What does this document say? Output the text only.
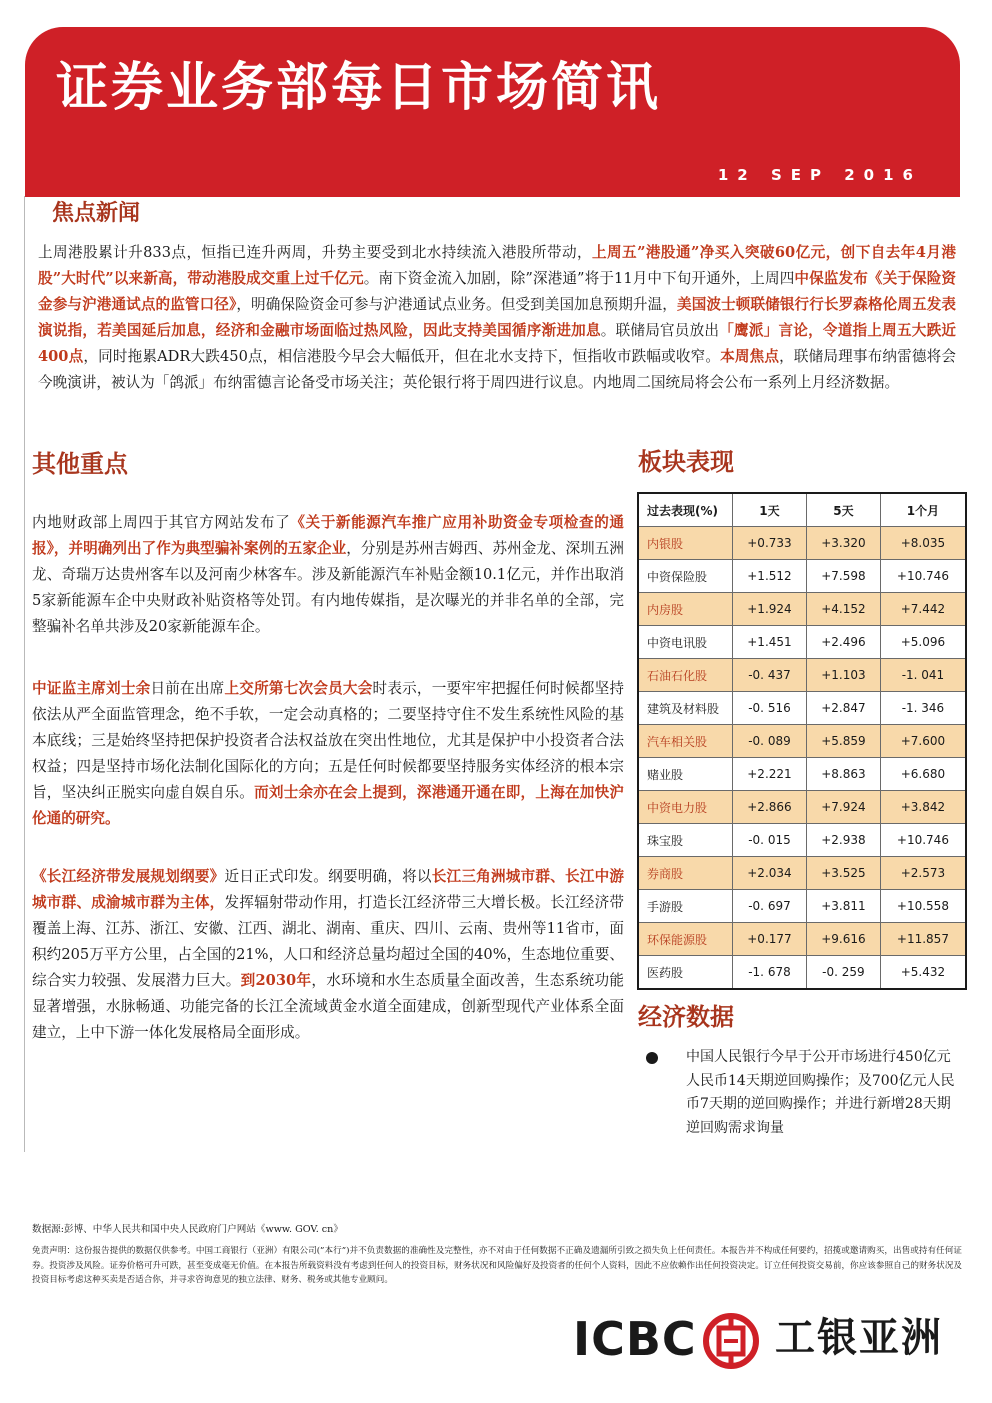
证券业务部每日市场简讯
12 SEP 2016
焦点新闻

上周港股累计升833点，恒指已连升两周，升势主要受到北水持续流入港股所带动，上周五”港股通”净买入突破60亿元，创下自去年4月港股”大时代”以来新高，带动港股成交重上过千亿元。南下资金流入加剧，除”深港通”将于11月中下旬开通外，上周四中保监发布《关于保险资金参与沪港通试点的监管口径》，明确保险资金可参与沪港通试点业务。但受到美国加息预期升温，美国波士顿联储银行行长罗森格伦周五发表演说指，若美国延后加息，经济和金融市场面临过热风险，因此支持美国循序渐进加息。联储局官员放出「鹰派」言论，令道指上周五大跌近400点，同时拖累ADR大跌450点，相信港股今早会大幅低开，但在北水支持下，恒指收市跌幅或收窄。本周焦点，联储局理事布纳雷德将会今晚演讲，被认为「鸽派」布纳雷德言论备受市场关注；英伦银行将于周四进行议息。内地周二国统局将会公布一系列上月经济数据。

其他重点

内地财政部上周四于其官方网站发布了《关于新能源汽车推广应用补助资金专项检查的通报》，并明确列出了作为典型骗补案例的五家企业，分别是苏州吉姆西、苏州金龙、深圳五洲龙、奇瑞万达贵州客车以及河南少林客车。涉及新能源汽车补贴金额10.1亿元，并作出取消5家新能源车企中央财政补贴资格等处罚。有内地传媒指，是次曝光的并非名单的全部，完整骗补名单共涉及20家新能源车企。

中证监主席刘士余日前在出席上交所第七次会员大会时表示，一要牢牢把握任何时候都坚持依法从严全面监管理念，绝不手软，一定会动真格的；二要坚持守住不发生系统性风险的基本底线；三是始终坚持把保护投资者合法权益放在突出性地位，尤其是保护中小投资者合法权益；四是坚持市场化法制化国际化的方向；五是任何时候都要坚持服务实体经济的根本宗旨，坚决纠正脱实向虚自娱自乐。而刘士余亦在会上提到，深港通开通在即，上海在加快沪伦通的研究。

《长江经济带发展规划纲要》近日正式印发。纲要明确，将以长江三角洲城市群、长江中游城市群、成渝城市群为主体，发挥辐射带动作用，打造长江经济带三大增长极。长江经济带覆盖上海、江苏、浙江、安徽、江西、湖北、湖南、重庆、四川、云南、贵州等11省市，面积约205万平方公里，占全国的21%，人口和经济总量均超过全国的40%，生态地位重要、综合实力较强、发展潜力巨大。到2030年，水环境和水生态质量全面改善，生态系统功能显著增强，水脉畅通、功能完备的长江全流域黄金水道全面建成，创新型现代产业体系全面建立，上中下游一体化发展格局全面形成。

板块表现
过去表现(%)	1天	5天	1个月
内银股	+0.733	+3.320	+8.035
中资保险股	+1.512	+7.598	+10.746
内房股	+1.924	+4.152	+7.442
中资电讯股	+1.451	+2.496	+5.096
石油石化股	-0. 437	+1.103	-1. 041
建筑及材料股	-0. 516	+2.847	-1. 346
汽车相关股	-0. 089	+5.859	+7.600
赌业股	+2.221	+8.863	+6.680
中资电力股	+2.866	+7.924	+3.842
珠宝股	-0. 015	+2.938	+10.746
券商股	+2.034	+3.525	+2.573
手游股	-0. 697	+3.811	+10.558
环保能源股	+0.177	+9.616	+11.857
医药股	-1. 678	-0. 259	+5.432
经济数据

中国人民银行今早于公开市场进行450亿元人民币14天期逆回购操作；及700亿元人民币7天期的逆回购操作；并进行新增28天期逆回购需求询量

数据源:彭博、中华人民共和国中央人民政府门户网站《www. GOV. cn》

免责声明：这份报告提供的数据仅供参考。中国工商银行（亚洲）有限公司(”本行”)并不负责数据的准确性及完整性，亦不对由于任何数据不正确及遗漏所引致之损失负上任何责任。本报告并不构成任何要约，招揽或邀请购买，出售或持有任何证券。投资涉及风险。证券价格可升可跌，甚至变成毫无价值。在本报告所载资料没有考虑到任何人的投资目标，财务状况和风险偏好及投资者的任何个人资料，因此不应依赖作出任何投资决定。订立任何投资交易前，你应该参照自己的财务状况及投资目标考虑这种买卖是否适合你，并寻求咨询意见的独立法律、财务、税务或其他专业顾问。

ICBC 工银亚洲
